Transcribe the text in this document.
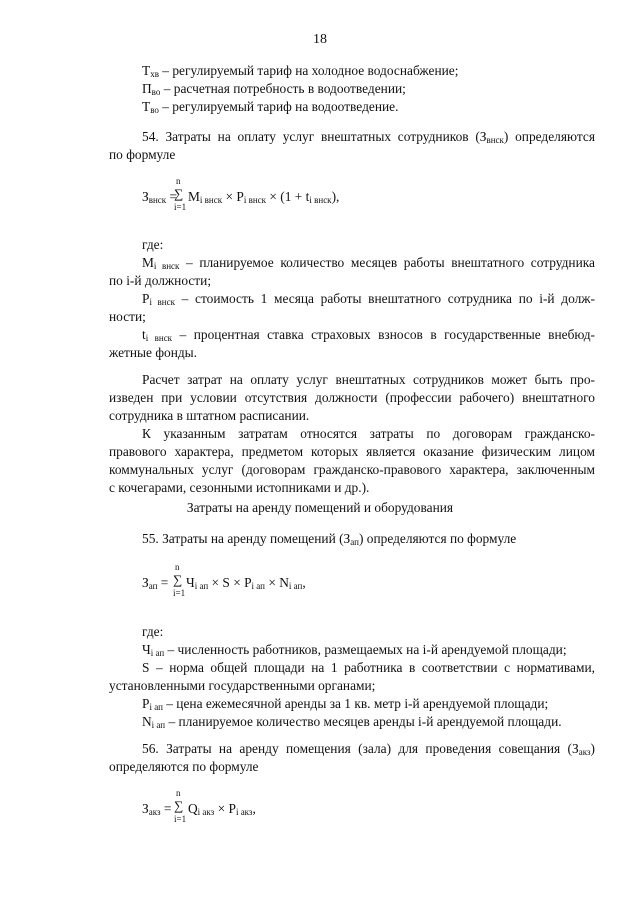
18
$Т_{хв}$ – регулируемый тариф на холодное водоснабжение;
$П_{во}$ – расчетная потребность в водоотведении;
$Т_{во}$ – регулируемый тариф на водоотведение.
54. Затраты на оплату услуг внештатных сотрудников $(З_{внск})$ определяются
по формуле
$З_{внск}$ =
n
∑
i=1
$М_{i внск} \times P_{i внск} \times (1 + t_{i внск})$,
где:
$М_{i внск}$ – планируемое количество месяцев работы внештатного сотрудника
по i-й должности;
$Р_{i внск}$ – стоимость 1 месяца работы внештатного сотрудника по i-й долж-
ности;
$t_{i внск}$ – процентная ставка страховых взносов в государственные внебюд-
жетные фонды.
Расчет затрат на оплату услуг внештатных сотрудников может быть про-
изведен при условии отсутствия должности (профессии рабочего) внештатного
сотрудника в штатном расписании.
К указанным затратам относятся затраты по договорам гражданско-
правового характера, предметом которых является оказание физическим лицом
коммунальных услуг (договорам гражданско-правового характера, заключенным
с кочегарами, сезонными истопниками и др.).
Затраты на аренду помещений и оборудования
55. Затраты на аренду помещений $(З_{ап})$ определяются по формуле
$З_{ап}$ =
n
∑
i=1
$Ч_{i ап} \times S \times P_{i ап} \times N_{i ап}$,
где:
$Ч_{i ап}$ – численность работников, размещаемых на i-й арендуемой площади;
S – норма общей площади на 1 работника в соответствии с нормативами,
установленными государственными органами;
$Р_{i ап}$ – цена ежемесячной аренды за 1 кв. метр i-й арендуемой площади;
$N_{i ап}$ – планируемое количество месяцев аренды i-й арендуемой площади.
56. Затраты на аренду помещения (зала) для проведения совещания $(З_{акз})$
определяются по формуле
$З_{акз}$ =
n
∑
i=1
$Q_{i акз} \times P_{i акз}$,
